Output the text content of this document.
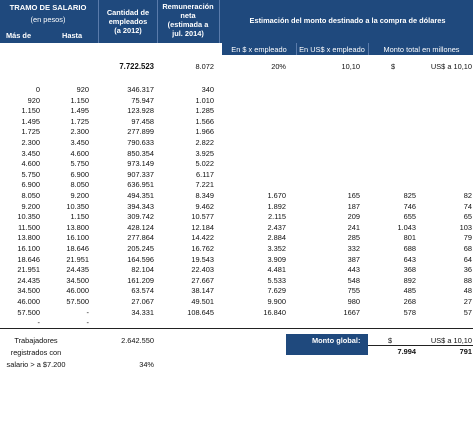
TRAMO DE SALARIO
(en pesos)
Más de	Hasta
Cantidad de
empleados
(a 2012)
Remuneración
neta
(estimada a
jul. 2014)
Estimación del monto destinado a la compra de dólares
En $ x empleado	En US$ x empleado	Monto total en millones
7.722.523	8.072	20%	10,10	$	US$ a 10,10
0	920	346.317	340
920	1.150	75.947	1.010
1.150	1.495	123.928	1.285
1.495	1.725	97.458	1.566
1.725	2.300	277.899	1.966
2.300	3.450	790.633	2.822
3.450	4.600	850.354	3.925
4.600	5.750	973.149	5.022
5.750	6.900	907.337	6.117
6.900	8.050	636.951	7.221
8.050	9.200	494.351	8.349	1.670	165	825	82
9.200	10.350	394.343	9.462	1.892	187	746	74
10.350	1.150	309.742	10.577	2.115	209	655	65
11.500	13.800	428.124	12.184	2.437	241	1.043	103
13.800	16.100	277.864	14.422	2.884	285	801	79
16.100	18.646	205.245	16.762	3.352	332	688	68
18.646	21.951	164.596	19.543	3.909	387	643	64
21.951	24.435	82.104	22.403	4.481	443	368	36
24.435	34.500	161.209	27.667	5.533	548	892	88
34.500	46.000	63.574	38.147	7.629	755	485	48
46.000	57.500	27.067	49.501	9.900	980	268	27
57.500	-	34.331	108.645	16.840	1667	578	57
-	-
Trabajadores
registrados con
salario > a $7.200
2.642.550
34%
Monto global:	$	US$ a 10,10
7.994	791
